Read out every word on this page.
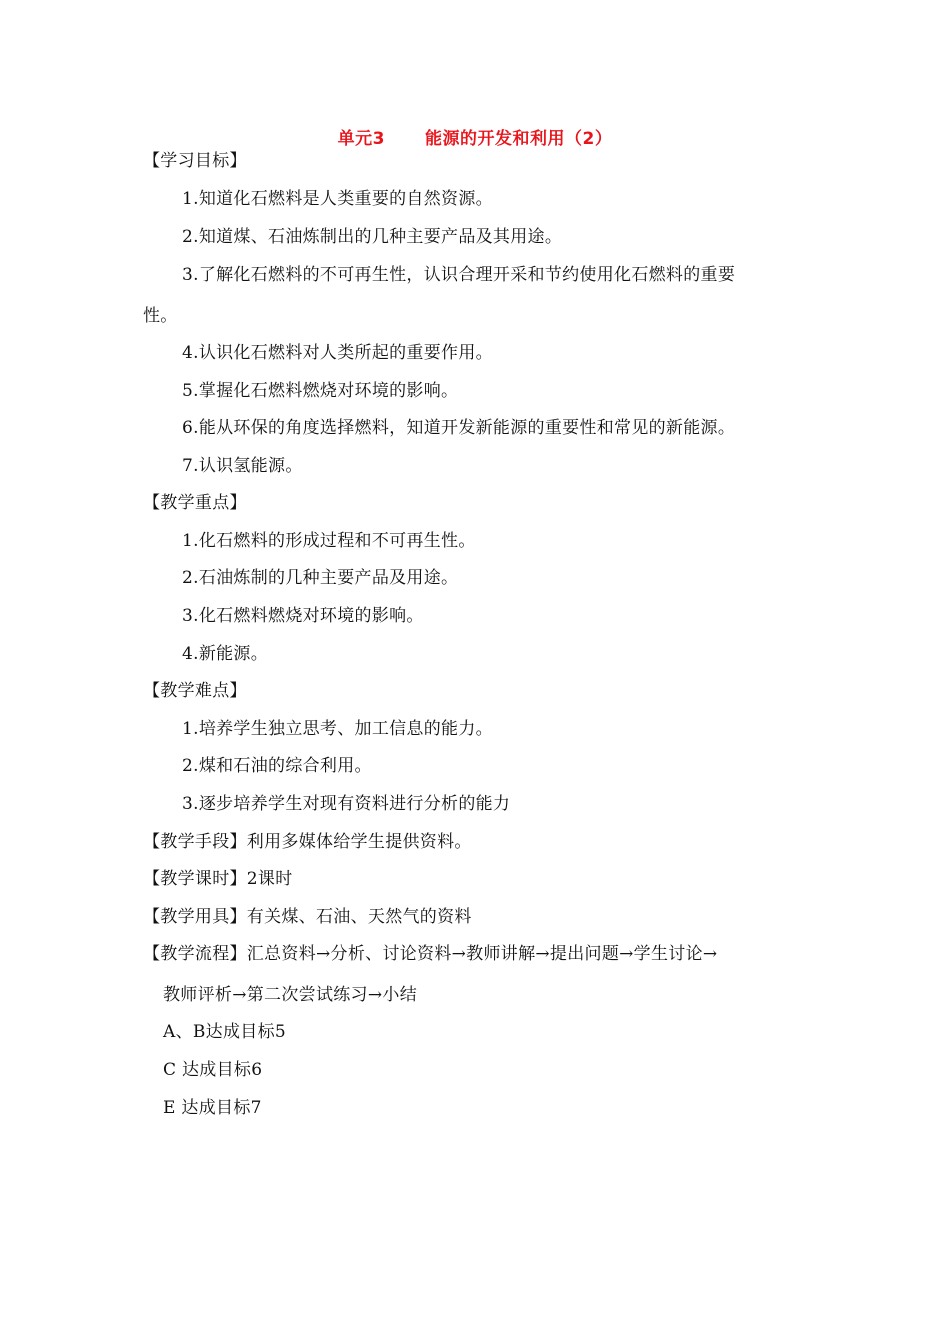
单元3 能源的开发和利用（2）
【学习目标】
1.知道化石燃料是人类重要的自然资源。
2.知道煤、石油炼制出的几种主要产品及其用途。
3.了解化石燃料的不可再生性，认识合理开采和节约使用化石燃料的重要
性。
4.认识化石燃料对人类所起的重要作用。
5.掌握化石燃料燃烧对环境的影响。
6.能从环保的角度选择燃料，知道开发新能源的重要性和常见的新能源。
7.认识氢能源。
【教学重点】
1.化石燃料的形成过程和不可再生性。
2.石油炼制的几种主要产品及用途。
3.化石燃料燃烧对环境的影响。
4.新能源。
【教学难点】
1.培养学生独立思考、加工信息的能力。
2.煤和石油的综合利用。
3.逐步培养学生对现有资料进行分析的能力
【教学手段】利用多媒体给学生提供资料。
【教学课时】2课时
【教学用具】有关煤、石油、天然气的资料
【教学流程】汇总资料→分析、讨论资料→教师讲解→提出问题→学生讨论→
教师评析→第二次尝试练习→小结
A、B达成目标5
C 达成目标6
E 达成目标7
